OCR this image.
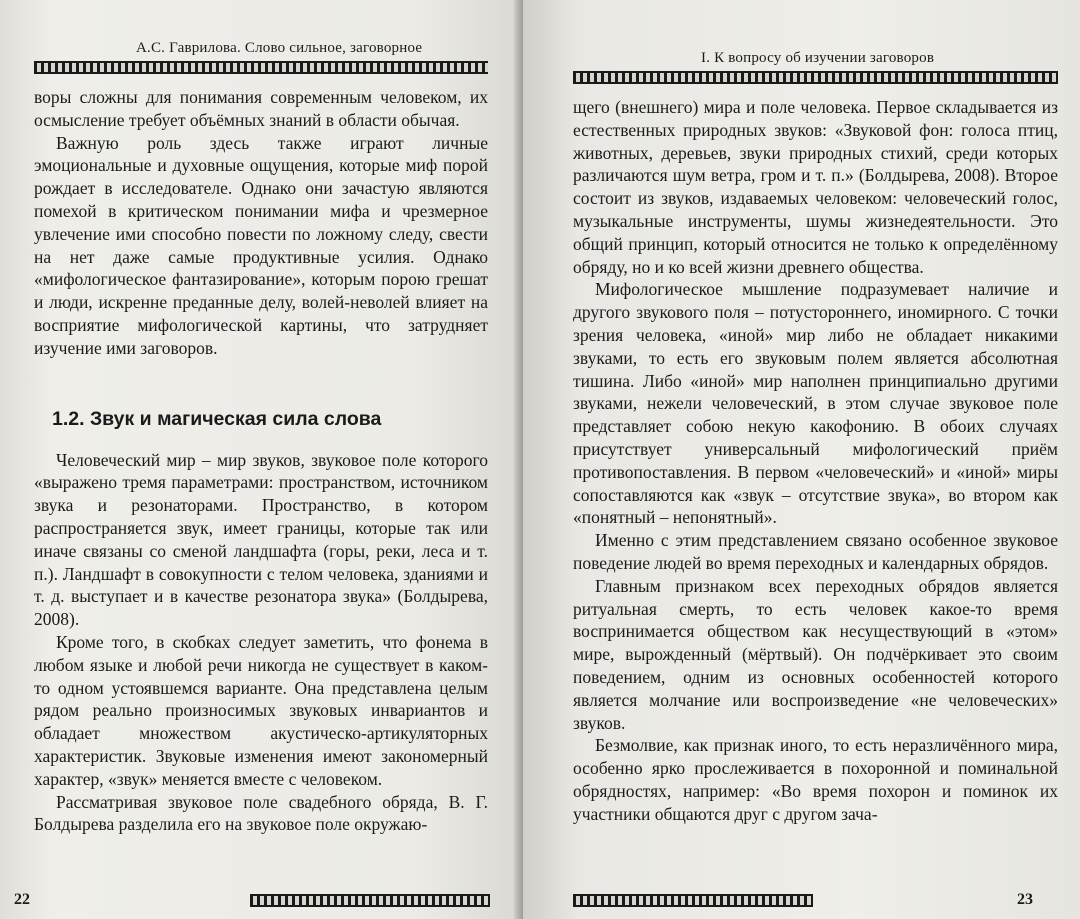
А.С. Гаврилова. Слово сильное, заговорное

воры сложны для понимания современным человеком, их осмысление требует объёмных знаний в области обычая.

Важную роль здесь также играют личные эмоциональные и духовные ощущения, которые миф порой рождает в исследователе. Однако они зачастую являются помехой в критическом понимании мифа и чрезмерное увлечение ими способно повести по ложному следу, свести на нет даже самые продуктивные усилия. Однако «мифологическое фантазирование», которым порою грешат и люди, искренне преданные делу, волей-неволей влияет на восприятие мифологической картины, что затрудняет изучение ими заговоров.

1.2. Звук и магическая сила слова

Человеческий мир – мир звуков, звуковое поле которого «выражено тремя параметрами: пространством, источником звука и резонаторами. Пространство, в котором распространяется звук, имеет границы, которые так или иначе связаны со сменой ландшафта (горы, реки, леса и т. п.). Ландшафт в совокупности с телом человека, зданиями и т. д. выступает и в качестве резонатора звука» (Болдырева, 2008).

Кроме того, в скобках следует заметить, что фонема в любом языке и любой речи никогда не существует в каком-то одном устоявшемся варианте. Она представлена целым рядом реально произносимых звуковых инвариантов и обладает множеством акустическо-артикуляторных характеристик. Звуковые изменения имеют закономерный характер, «звук» меняется вместе с человеком.

Рассматривая звуковое поле свадебного обряда, В. Г. Болдырева разделила его на звуковое поле окружаю-

22
I. К вопросу об изучении заговоров

щего (внешнего) мира и поле человека. Первое складывается из естественных природных звуков: «Звуковой фон: голоса птиц, животных, деревьев, звуки природных стихий, среди которых различаются шум ветра, гром и т. п.» (Болдырева, 2008). Второе состоит из звуков, издаваемых человеком: человеческий голос, музыкальные инструменты, шумы жизнедеятельности. Это общий принцип, который относится не только к определённому обряду, но и ко всей жизни древнего общества.

Мифологическое мышление подразумевает наличие и другого звукового поля – потустороннего, иномирного. С точки зрения человека, «иной» мир либо не обладает никакими звуками, то есть его звуковым полем является абсолютная тишина. Либо «иной» мир наполнен принципиально другими звуками, нежели человеческий, в этом случае звуковое поле представляет собою некую какофонию. В обоих случаях присутствует универсальный мифологический приём противопоставления. В первом «человеческий» и «иной» миры сопоставляются как «звук – отсутствие звука», во втором как «понятный – непонятный».

Именно с этим представлением связано особенное звуковое поведение людей во время переходных и календарных обрядов.

Главным признаком всех переходных обрядов является ритуальная смерть, то есть человек какое-то время воспринимается обществом как несуществующий в «этом» мире, вырожденный (мёртвый). Он подчёркивает это своим поведением, одним из основных особенностей которого является молчание или воспроизведение «не человеческих» звуков.

Безмолвие, как признак иного, то есть неразличённого мира, особенно ярко прослеживается в похоронной и поминальной обрядностях, например: «Во время похорон и поминок их участники общаются друг с другом зача-

23
